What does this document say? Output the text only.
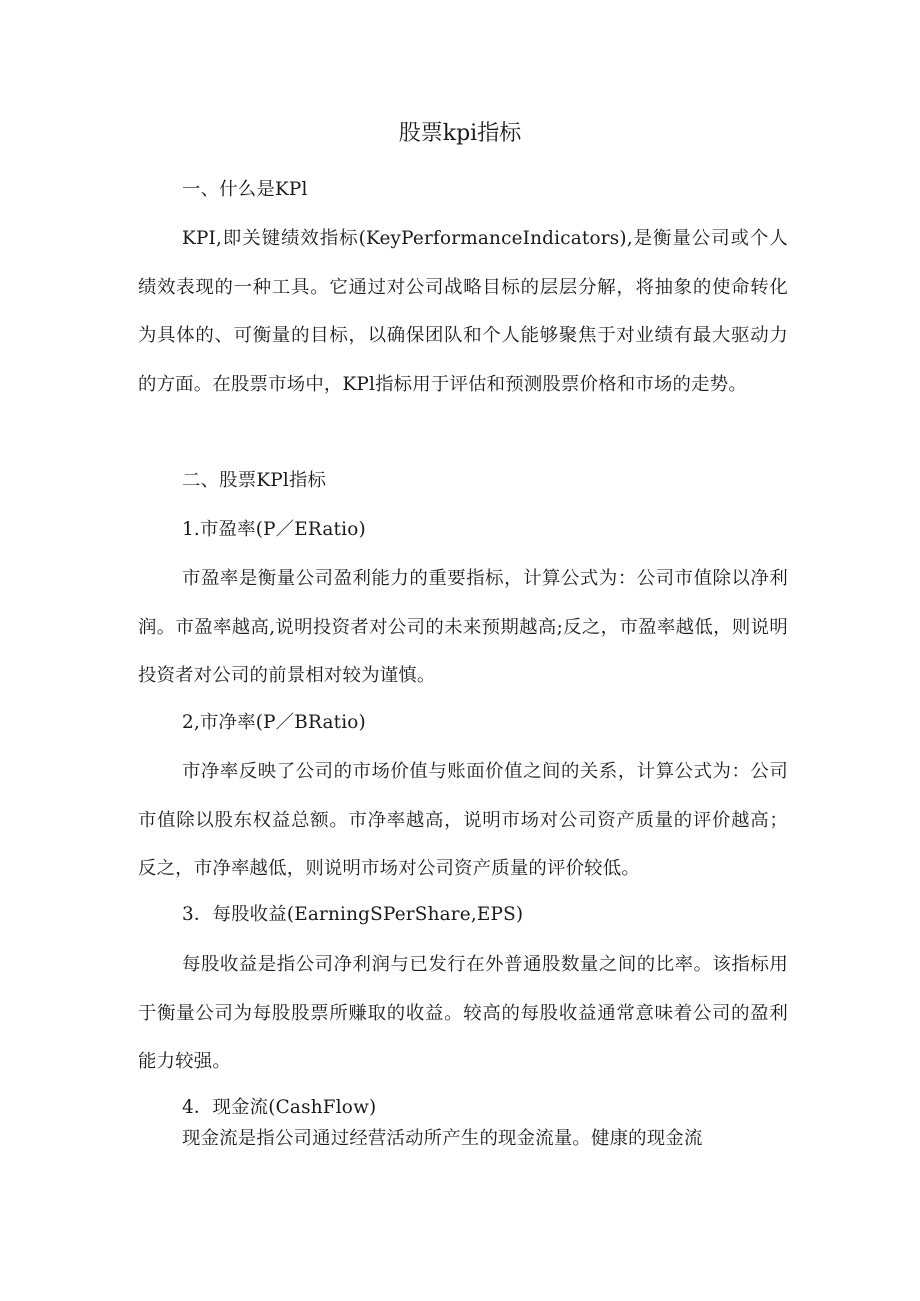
股票kpi指标
一、什么是KPl

KPI,即关键绩效指标(KeyPerformanceIndicators),是衡量公司或个人绩效表现的一种工具。它通过对公司战略目标的层层分解，将抽象的使命转化为具体的、可衡量的目标，以确保团队和个人能够聚焦于对业绩有最大驱动力的方面。在股票市场中，KPl指标用于评估和预测股票价格和市场的走势。

二、股票KPl指标
1.市盈率(P／ERatio)

市盈率是衡量公司盈利能力的重要指标，计算公式为：公司市值除以净利润。市盈率越高,说明投资者对公司的未来预期越高;反之，市盈率越低，则说明投资者对公司的前景相对较为谨慎。

2,市净率(P／BRatio)

市净率反映了公司的市场价值与账面价值之间的关系，计算公式为：公司市值除以股东权益总额。市净率越高，说明市场对公司资产质量的评价越高；反之，市净率越低，则说明市场对公司资产质量的评价较低。

3．每股收益(EarningSPerShare,EPS)

每股收益是指公司净利润与已发行在外普通股数量之间的比率。该指标用于衡量公司为每股股票所赚取的收益。较高的每股收益通常意味着公司的盈利能力较强。

4．现金流(CashFlow)

现金流是指公司通过经营活动所产生的现金流量。健康的现金流
